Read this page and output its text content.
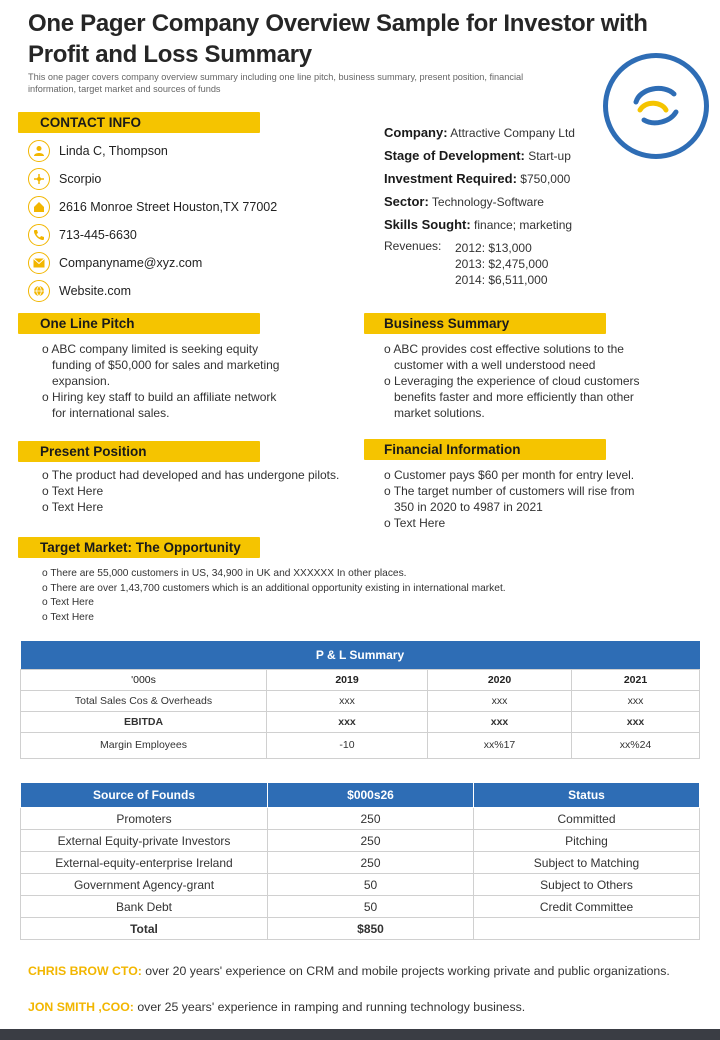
One Pager Company Overview Sample for Investor with Profit and Loss Summary
This one pager covers company overview summary including one line pitch, business summary, present position, financial information, target market and sources of funds
CONTACT INFO
Linda C, Thompson
Scorpio
2616 Monroe Street Houston,TX 77002
713-445-6630
Companyname@xyz.com
Website.com
Company: Attractive Company Ltd
Stage of Development: Start-up
Investment Required: $750,000
Sector: Technology-Software
Skills Sought: finance; marketing
Revenues: 2012: $13,000
2013: $2,475,000
2014: $6,511,000
One Line Pitch
o ABC company limited is seeking equity funding of $50,000 for sales and marketing expansion.
o Hiring key staff to build an affiliate network for international sales.
Business Summary
o ABC provides cost effective solutions to the customer with a well understood need
o Leveraging the experience of cloud customers benefits faster and more efficiently than other market solutions.
Present Position
o The product had developed and has undergone pilots.
o Text Here
o Text Here
Financial Information
o Customer pays $60 per month for entry level.
o The target number of customers will rise from 350 in 2020 to 4987 in 2021
o Text Here
Target Market: The Opportunity
o There are 55,000 customers in US, 34,900 in UK and XXXXXX In other places.
o There are over 1,43,700 customers which is an additional opportunity existing in international market.
o Text Here
o Text Here
P & L Summary			
'000s	2019	2020	2021
Total Sales Cos & Overheads	xxx	xxx	xxx
EBITDA	xxx	xxx	xxx
Margin Employees	-10	xx%17	xx%24
Source of Founds	$000s26	Status
Promoters	250	Committed
External Equity-private Investors	250	Pitching
External-equity-enterprise Ireland	250	Subject to Matching
Government Agency-grant	50	Subject to Others
Bank Debt	50	Credit Committee
Total	$850	
CHRIS BROW CTO: over 20 years' experience on CRM and mobile projects working private and public organizations.
JON SMITH ,COO: over 25 years' experience in ramping and running technology business.
